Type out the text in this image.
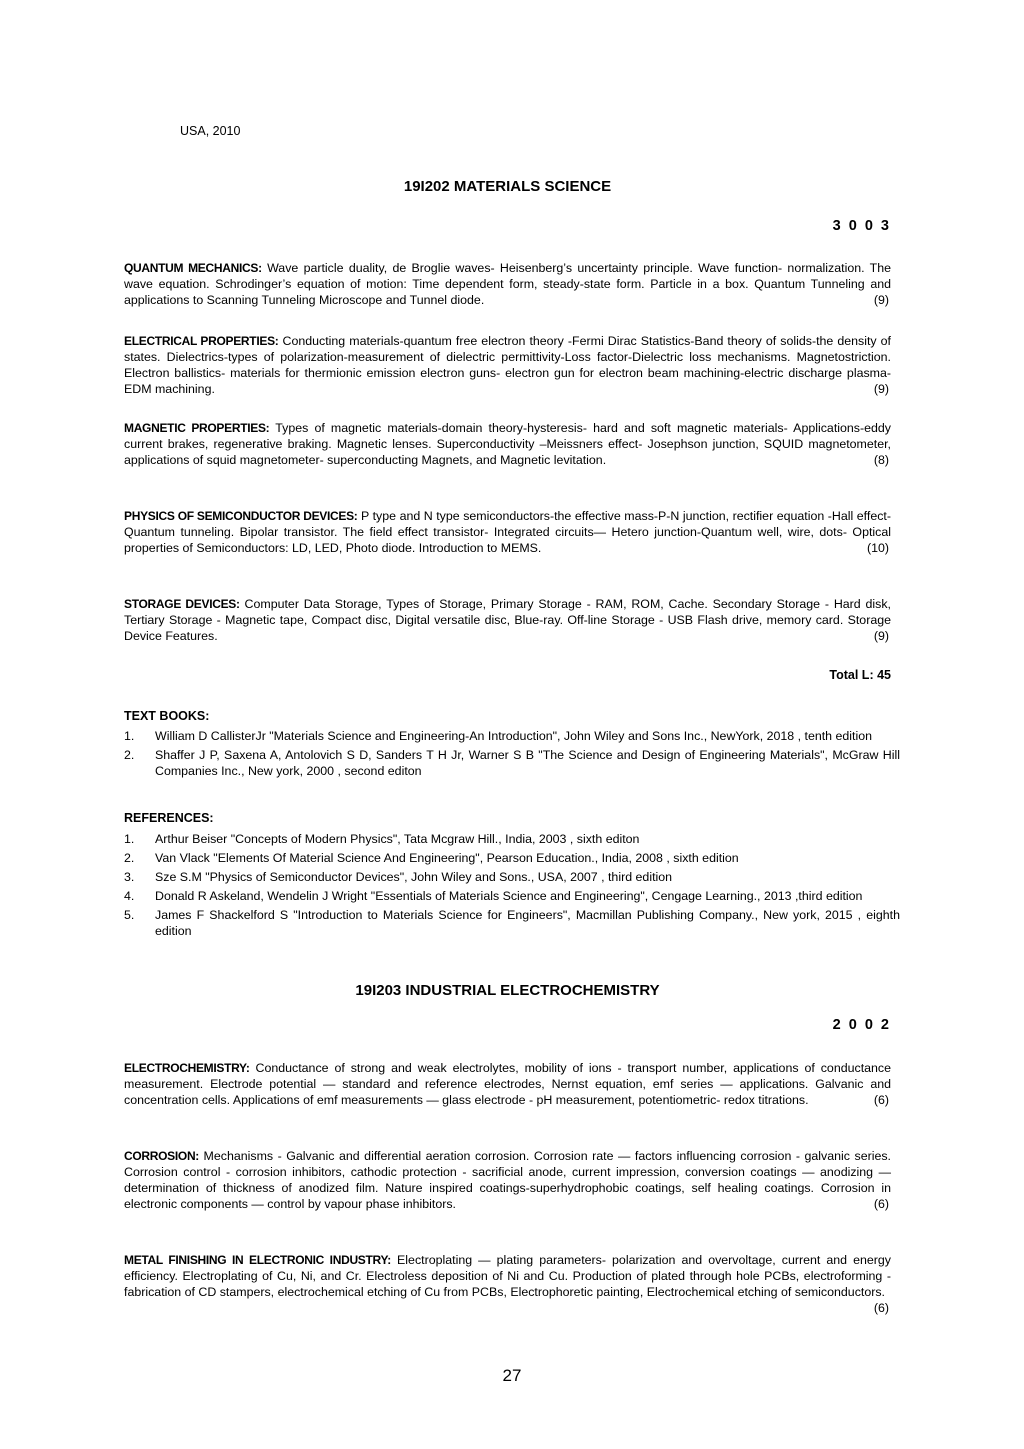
USA, 2010
19I202 MATERIALS SCIENCE
3 0 0 3
QUANTUM MECHANICS: Wave particle duality, de Broglie waves- Heisenberg’s uncertainty principle. Wave function- normalization. The wave equation. Schrodinger’s equation of motion: Time dependent form, steady-state form. Particle in a box. Quantum Tunneling and applications to Scanning Tunneling Microscope and Tunnel diode.	(9)
ELECTRICAL PROPERTIES: Conducting materials-quantum free electron theory -Fermi Dirac Statistics-Band theory of solids-the density of states. Dielectrics-types of polarization-measurement of dielectric permittivity-Loss factor-Dielectric loss mechanisms. Magnetostriction. Electron ballistics- materials for thermionic emission electron guns- electron gun for electron beam machining-electric discharge plasma-EDM machining.	(9)
MAGNETIC PROPERTIES: Types of magnetic materials-domain theory-hysteresis- hard and soft magnetic materials- Applications-eddy current brakes, regenerative braking. Magnetic lenses. Superconductivity –Meissners effect- Josephson junction, SQUID magnetometer, applications of squid magnetometer- superconducting Magnets, and Magnetic levitation.	(8)
PHYSICS OF SEMICONDUCTOR DEVICES: P type and N type semiconductors-the effective mass-P-N junction, rectifier equation -Hall effect-Quantum tunneling. Bipolar transistor. The field effect transistor- Integrated circuits— Hetero junction-Quantum well, wire, dots- Optical properties of Semiconductors: LD, LED, Photo diode. Introduction to MEMS.	(10)
STORAGE DEVICES: Computer Data Storage, Types of Storage, Primary Storage - RAM, ROM, Cache. Secondary Storage - Hard disk, Tertiary Storage - Magnetic tape, Compact disc, Digital versatile disc, Blue-ray. Off-line Storage - USB Flash drive, memory card. Storage Device Features.	(9)
Total L: 45
TEXT BOOKS:
1. William D CallisterJr "Materials Science and Engineering-An Introduction", John Wiley and Sons Inc., NewYork, 2018 , tenth edition
2. Shaffer J P, Saxena A, Antolovich S D, Sanders T H Jr, Warner S B "The Science and Design of Engineering Materials", McGraw Hill Companies Inc., New york, 2000 , second editon
REFERENCES:
1. Arthur Beiser "Concepts of Modern Physics", Tata Mcgraw Hill., India, 2003 , sixth editon
2. Van Vlack "Elements Of Material Science And Engineering", Pearson Education., India, 2008 , sixth edition
3. Sze S.M "Physics of Semiconductor Devices", John Wiley and Sons., USA, 2007 , third edition
4. Donald R Askeland, Wendelin J Wright "Essentials of Materials Science and Engineering", Cengage Learning., 2013 ,third edition
5. James F Shackelford S "Introduction to Materials Science for Engineers", Macmillan Publishing Company., New york, 2015 , eighth edition
19I203 INDUSTRIAL ELECTROCHEMISTRY
2 0 0 2
ELECTROCHEMISTRY: Conductance of strong and weak electrolytes, mobility of ions - transport number, applications of conductance measurement. Electrode potential — standard and reference electrodes, Nernst equation, emf series — applications. Galvanic and concentration cells. Applications of emf measurements — glass electrode - pH measurement, potentiometric- redox titrations.	(6)
CORROSION: Mechanisms - Galvanic and differential aeration corrosion. Corrosion rate — factors influencing corrosion - galvanic series. Corrosion control - corrosion inhibitors, cathodic protection - sacrificial anode, current impression, conversion coatings — anodizing — determination of thickness of anodized film. Nature inspired coatings-superhydrophobic coatings, self healing coatings. Corrosion in electronic components — control by vapour phase inhibitors.	(6)
METAL FINISHING IN ELECTRONIC INDUSTRY: Electroplating — plating parameters- polarization and overvoltage, current and energy efficiency. Electroplating of Cu, Ni, and Cr. Electroless deposition of Ni and Cu. Production of plated through hole PCBs, electroforming - fabrication of CD stampers, electrochemical etching of Cu from PCBs, Electrophoretic painting, Electrochemical etching of semiconductors.
(6)
27
